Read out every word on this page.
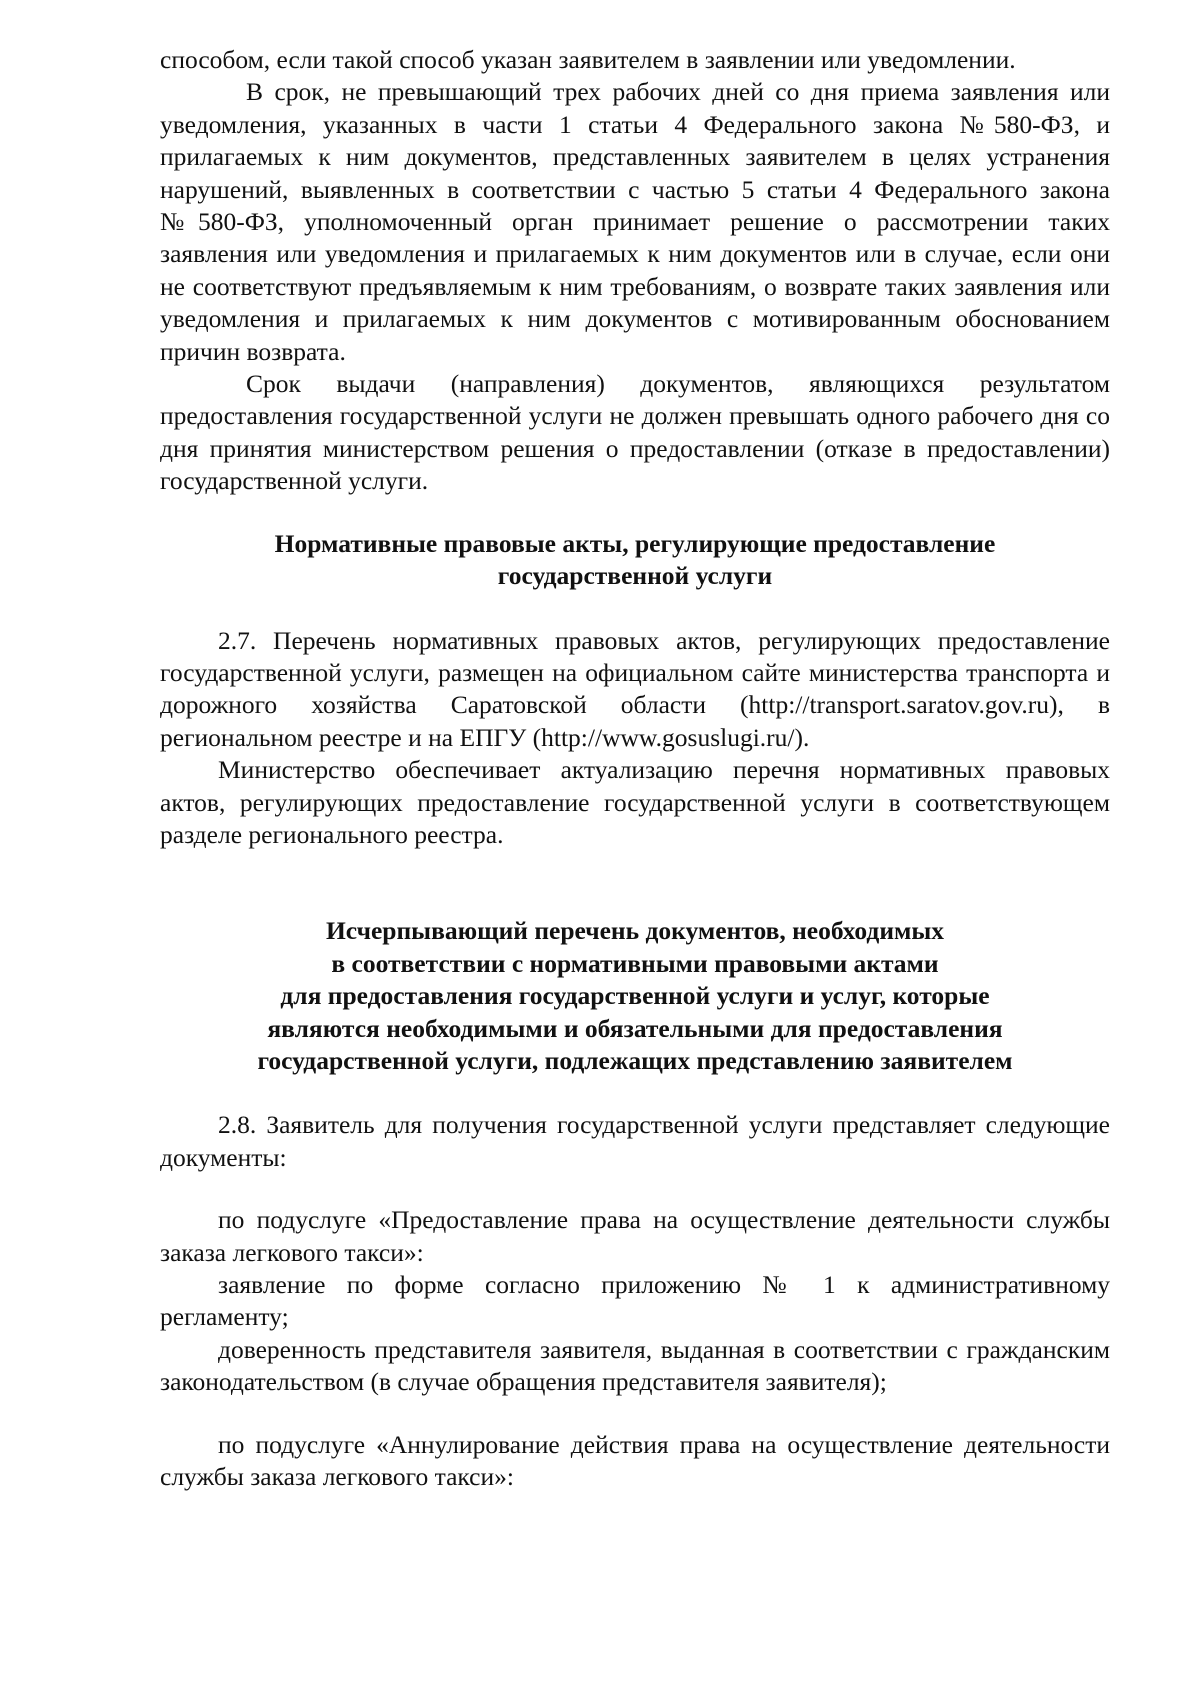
способом, если такой способ указан заявителем в заявлении или уведомлении.

В срок, не превышающий трех рабочих дней со дня приема заявления или уведомления, указанных в части 1 статьи 4 Федерального закона №580-ФЗ, и прилагаемых к ним документов, представленных заявителем в целях устранения нарушений, выявленных в соответствии с частью 5 статьи 4 Федерального закона №580-ФЗ, уполномоченный орган принимает решение о рассмотрении таких заявления или уведомления и прилагаемых к ним документов или в случае, если они не соответствуют предъявляемым к ним требованиям, о возврате таких заявления или уведомления и прилагаемых к ним документов с мотивированным обоснованием причин возврата.

Срок выдачи (направления) документов, являющихся результатом предоставления государственной услуги не должен превышать одного рабочего дня со дня принятия министерством решения о предоставлении (отказе в предоставлении) государственной услуги.

Нормативные правовые акты, регулирующие предоставление

государственной услуги

2.7. Перечень нормативных правовых актов, регулирующих предоставление государственной услуги, размещен на официальном сайте министерства транспорта и дорожного хозяйства Саратовской области (http://transport.saratov.gov.ru), в региональном реестре и на ЕПГУ (http://www.gosuslugi.ru/).

Министерство обеспечивает актуализацию перечня нормативных правовых актов, регулирующих предоставление государственной услуги в соответствующем разделе регионального реестра.

Исчерпывающий перечень документов, необходимых

в соответствии с нормативными правовыми актами

для предоставления государственной услуги и услуг, которые

являются необходимыми и обязательными для предоставления

государственной услуги, подлежащих представлению заявителем

2.8. Заявитель для получения государственной услуги представляет следующие документы:

по подуслуге «Предоставление права на осуществление деятельности службы заказа легкового такси»:

заявление по форме согласно приложению № 1 к административному регламенту;

доверенность представителя заявителя, выданная в соответствии с гражданским законодательством (в случае обращения представителя заявителя);

по подуслуге «Аннулирование действия права на осуществление деятельности службы заказа легкового такси»:
